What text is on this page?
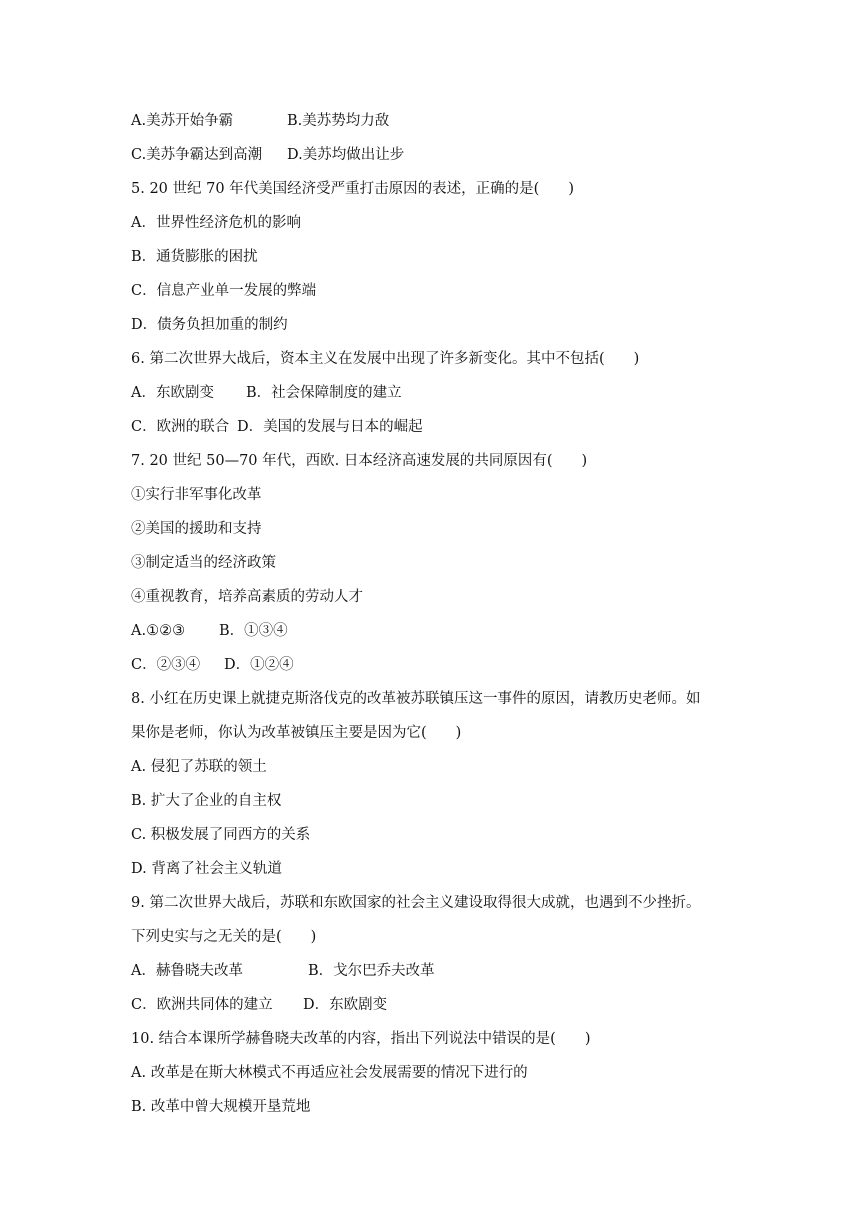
A.美苏开始争霸	B.美苏势均力敌
C.美苏争霸达到高潮 D.美苏均做出让步
5. 20 世纪 70 年代美国经济受严重打击原因的表述，正确的是(　　)
A．世界性经济危机的影响
B．通货膨胀的困扰
C．信息产业单一发展的弊端
D．债务负担加重的制约
6. 第二次世界大战后，资本主义在发展中出现了许多新变化。其中不包括(　　)
A．东欧剧变 B．社会保障制度的建立
C．欧洲的联合 D．美国的发展与日本的崛起
7. 20 世纪 50—70 年代，西欧. 日本经济高速发展的共同原因有(　　)
①实行非军事化改革
②美国的援助和支持
③制定适当的经济政策
④重视教育，培养高素质的劳动人才
A.①②③ B．①③④
C．②③④ D．①②④
8. 小红在历史课上就捷克斯洛伐克的改革被苏联镇压这一事件的原因，请教历史老师。如
果你是老师，你认为改革被镇压主要是因为它(　　)
A. 侵犯了苏联的领土
B. 扩大了企业的自主权
C. 积极发展了同西方的关系
D. 背离了社会主义轨道
9. 第二次世界大战后，苏联和东欧国家的社会主义建设取得很大成就，也遇到不少挫折。
下列史实与之无关的是(　　)
A．赫鲁晓夫改革	B．戈尔巴乔夫改革
C．欧洲共同体的建立 D．东欧剧变
10. 结合本课所学赫鲁晓夫改革的内容，指出下列说法中错误的是(　　)
A. 改革是在斯大林模式不再适应社会发展需要的情况下进行的
B. 改革中曾大规模开垦荒地
